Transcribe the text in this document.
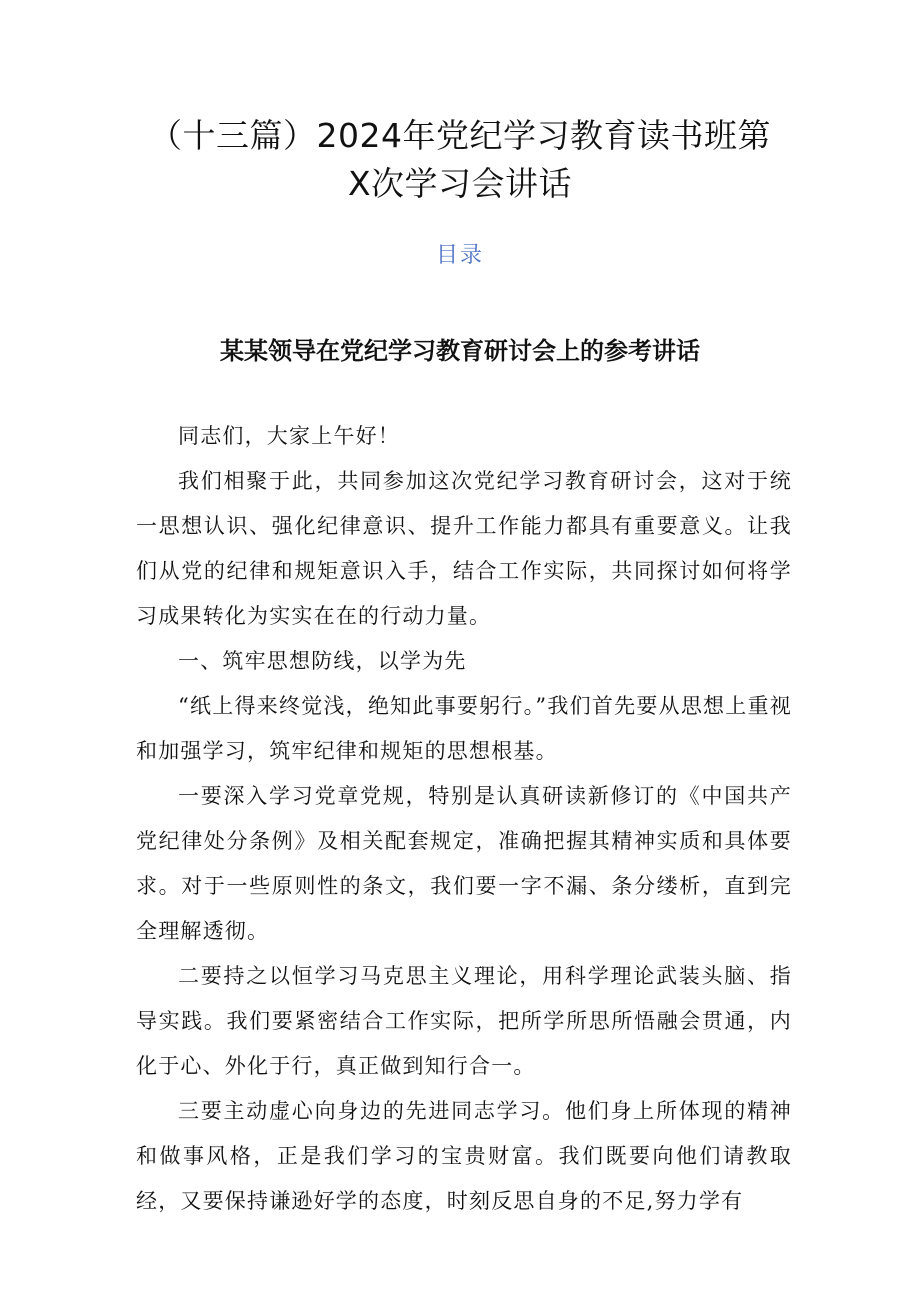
（十三篇）2024年党纪学习教育读书班第
X次学习会讲话
目录
某某领导在党纪学习教育研讨会上的参考讲话

同志们，大家上午好！

我们相聚于此，共同参加这次党纪学习教育研讨会，这对于统一思想认识、强化纪律意识、提升工作能力都具有重要意义。让我们从党的纪律和规矩意识入手，结合工作实际，共同探讨如何将学习成果转化为实实在在的行动力量。

一、筑牢思想防线，以学为先

“纸上得来终觉浅，绝知此事要躬行。”我们首先要从思想上重视和加强学习，筑牢纪律和规矩的思想根基。

一要深入学习党章党规，特别是认真研读新修订的《中国共产党纪律处分条例》及相关配套规定，准确把握其精神实质和具体要求。对于一些原则性的条文，我们要一字不漏、条分缕析，直到完全理解透彻。

二要持之以恒学习马克思主义理论，用科学理论武装头脑、指导实践。我们要紧密结合工作实际，把所学所思所悟融会贯通，内化于心、外化于行，真正做到知行合一。

三要主动虚心向身边的先进同志学习。他们身上所体现的精神和做事风格，正是我们学习的宝贵财富。我们既要向他们请教取经，又要保持谦逊好学的态度，时刻反思自身的不足,努力学有
